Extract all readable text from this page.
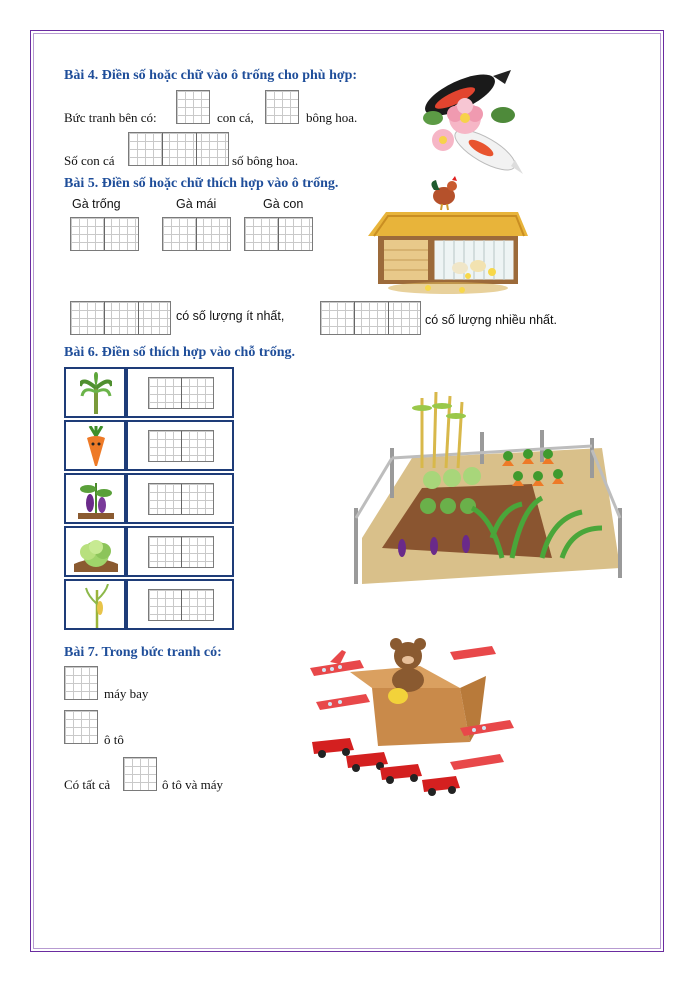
Bài 4. Điền số hoặc chữ vào ô trống cho phù hợp:
Bức tranh bên có:	con cá,	bông hoa.
Số con cá	số bông hoa.
Bài 5. Điền số hoặc chữ thích hợp vào ô trống.
Gà trống	Gà mái	Gà con
có số lượng ít nhất,	có số lượng nhiều nhất.
Bài 6. Điền số thích hợp vào chỗ trống.
Bài 7. Trong bức tranh có:
máy bay
ô tô
Có tất cả	ô tô và máy
